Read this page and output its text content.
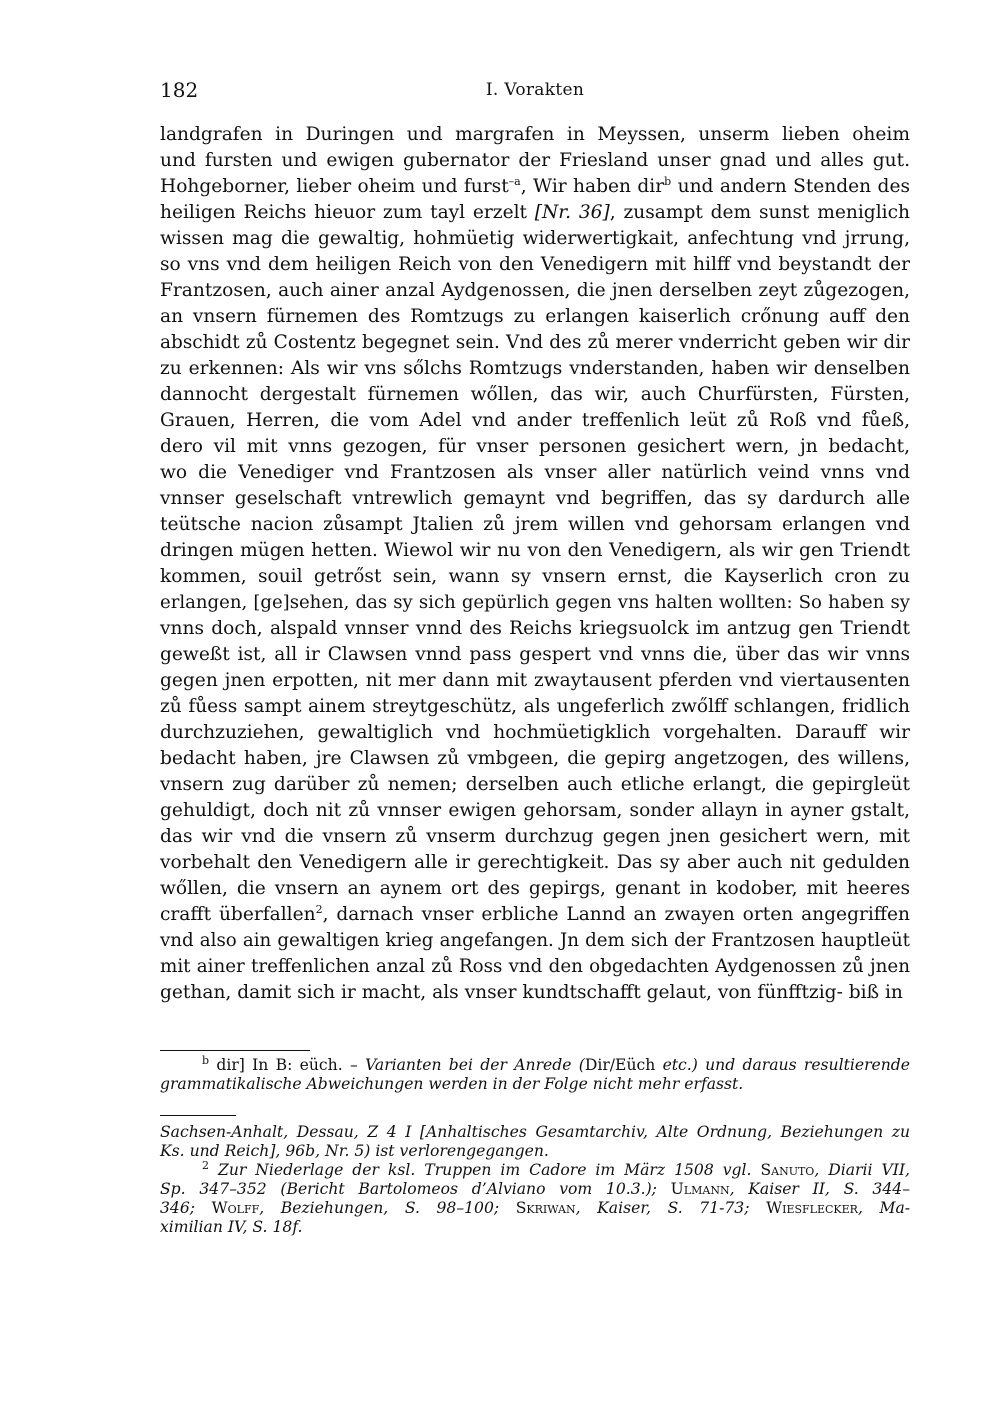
182	I. Vorakten
landgrafen in Duringen und margrafen in Meyssen, unserm lieben oheim
und fursten und ewigen gubernator der Friesland unser gnad und alles gut.
Hohgeborner, lieber oheim und furst$^{-a}$, Wir haben dir$^b$ und andern Stenden des
heiligen Reichs hieuor zum tayl erzelt [Nr. 36], zusampt dem sunst meniglich
wissen mag die gewaltig, hohmüetig widerwertigkait, anfechtung vnd jrrung,
so vns vnd dem heiligen Reich von den Venedigern mit hilff vnd beystandt der
Frantzosen, auch ainer anzal Aydgenossen, die jnen derselben zeyt zůgezogen,
an vnsern fürnemen des Romtzugs zu erlangen kaiserlich crőnung auff den
abschidt zů Costentz begegnet sein. Vnd des zů merer vnderricht geben wir dir
zu erkennen: Als wir vns sőlchs Romtzugs vnderstanden, haben wir denselben
dannocht dergestalt fürnemen wőllen, das wir, auch Churfürsten, Fürsten,
Grauen, Herren, die vom Adel vnd ander treffenlich leüt zů Roß vnd fůeß,
dero vil mit vnns gezogen, für vnser personen gesichert wern, jn bedacht,
wo die Venediger vnd Frantzosen als vnser aller natürlich veind vnns vnd
vnnser geselschaft vntrewlich gemaynt vnd begriffen, das sy dardurch alle
teütsche nacion zůsampt Jtalien zů jrem willen vnd gehorsam erlangen vnd
dringen mügen hetten. Wiewol wir nu von den Venedigern, als wir gen Triendt
kommen, souil getrőst sein, wann sy vnsern ernst, die Kayserlich cron zu
erlangen, [ge]sehen, das sy sich gepürlich gegen vns halten wollten: So haben sy
vnns doch, alspald vnnser vnnd des Reichs kriegsuolck im antzug gen Triendt
geweßt ist, all ir Clawsen vnnd pass gespert vnd vnns die, über das wir vnns
gegen jnen erpotten, nit mer dann mit zwaytausent pferden vnd viertausenten
zů fůess sampt ainem streytgeschütz, als ungeferlich zwőlff schlangen, fridlich
durchzuziehen, gewaltiglich vnd hochmüetigklich vorgehalten. Darauff wir
bedacht haben, jre Clawsen zů vmbgeen, die gepirg angetzogen, des willens,
vnsern zug darüber zů nemen; derselben auch etliche erlangt, die gepirgleüt
gehuldigt, doch nit zů vnnser ewigen gehorsam, sonder allayn in ayner gstalt,
das wir vnd die vnsern zů vnserm durchzug gegen jnen gesichert wern, mit
vorbehalt den Venedigern alle ir gerechtigkeit. Das sy aber auch nit gedulden
wőllen, die vnsern an aynem ort des gepirgs, genant in kodober, mit heeres
crafft überfallen$^2$, darnach vnser erbliche Lannd an zwayen orten angegriffen
vnd also ain gewaltigen krieg angefangen. Jn dem sich der Frantzosen hauptleüt
mit ainer treffenlichen anzal zů Ross vnd den obgedachten Aydgenossen zů jnen
gethan, damit sich ir macht, als vnser kundtschafft gelaut, von fünfftzig- biß in
$^b$ dir] In B: eüch. – Varianten bei der Anrede (Dir/Eüch etc.) und daraus resultierende
grammatikalische Abweichungen werden in der Folge nicht mehr erfasst.
Sachsen-Anhalt, Dessau, Z 4 I [Anhaltisches Gesamtarchiv, Alte Ordnung, Beziehungen zu
Ks. und Reich], 96b, Nr. 5) ist verlorengegangen.
$^2$ Zur Niederlage der ksl. Truppen im Cadore im März 1508 vgl. Sanuto, Diarii VII,
Sp. 347–352 (Bericht Bartolomeos d’Alviano vom 10.3.); Ulmann, Kaiser II, S. 344–
346; Wolff, Beziehungen, S. 98–100; Skriwan, Kaiser, S. 71-73; Wiesflecker, Ma-
ximilian IV, S. 18f.
